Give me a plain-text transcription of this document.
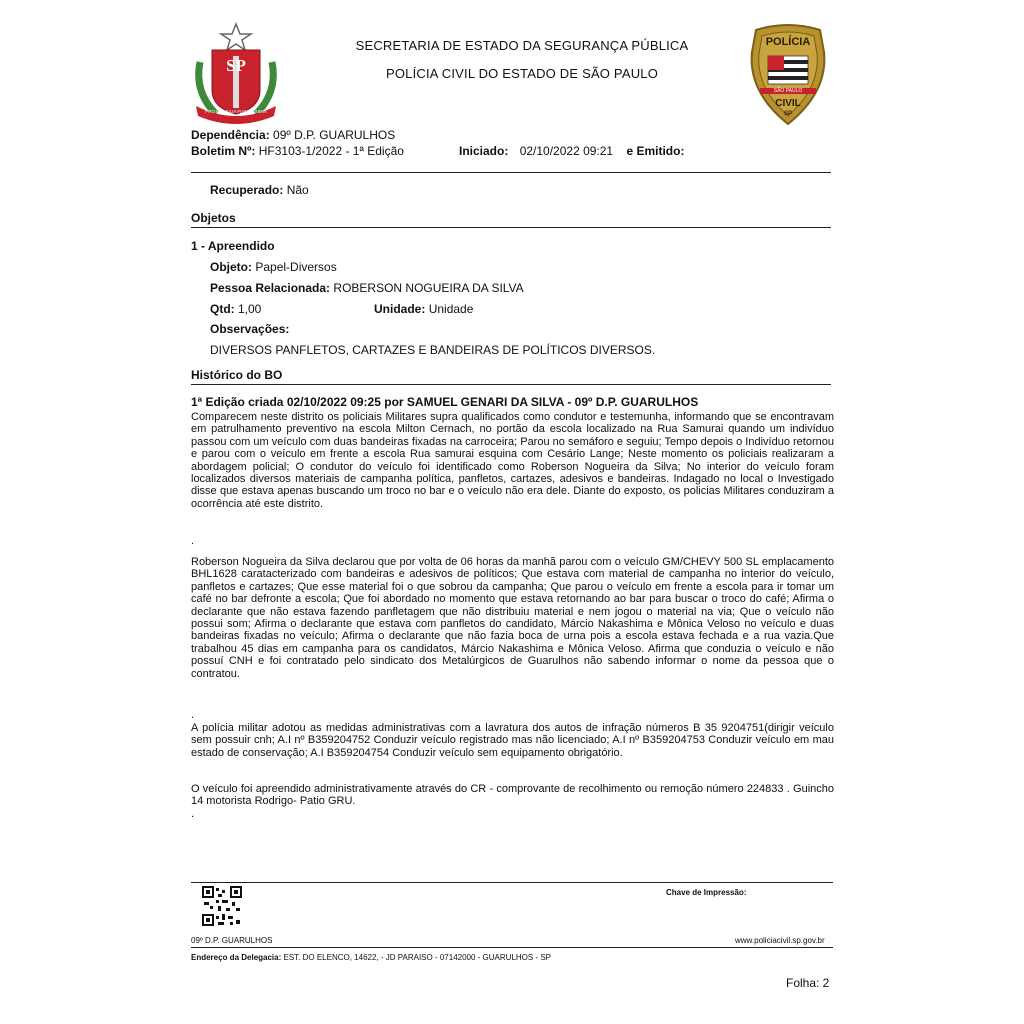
SP
PRO BRASILIA FIANT EXIMIA
SECRETARIA DE ESTADO DA SEGURANÇA PÚBLICA
POLÍCIA CIVIL DO ESTADO DE SÃO PAULO
POLÍCIA
SÃO PAULO
CIVIL
SP
Dependência: 09º D.P. GUARULHOS
Boletim Nº: HF3103-1/2022 - 1ª Edição	Iniciado: 02/10/2022 09:21 e Emitido:
Recuperado: Não
Objetos
1 - Apreendido
Objeto: Papel-Diversos
Pessoa Relacionada: ROBERSON NOGUEIRA DA SILVA
Qtd: 1,00	Unidade: Unidade
Observações:
DIVERSOS PANFLETOS, CARTAZES E BANDEIRAS DE POLÍTICOS DIVERSOS.
Histórico do BO
1ª Edição criada 02/10/2022 09:25 por SAMUEL GENARI DA SILVA - 09º D.P. GUARULHOS
Comparecem neste distrito os policiais Militares supra qualificados como condutor e testemunha, informando que se encontravam em patrulhamento preventivo na escola Milton Cernach, no portão da escola localizado na Rua Samurai quando um indivíduo passou com um veículo com duas bandeiras fixadas na carroceira; Parou no semáforo e seguiu; Tempo depois o Indivíduo retornou e parou com o veículo em frente a escola Rua samurai esquina com Cesário Lange; Neste momento os policiais realizaram a abordagem policial; O condutor do veículo foi identificado como Roberson Nogueira da Silva; No interior do veículo foram localizados diversos materiais de campanha política, panfletos, cartazes, adesivos e bandeiras. Indagado no local o Investigado disse que estava apenas buscando um troco no bar e o veículo não era dele. Diante do exposto, os policias Militares conduziram a ocorrência até este distrito.
.
Roberson Nogueira da Silva declarou que por volta de 06 horas da manhã parou com o veículo GM/CHEVY 500 SL emplacamento BHL1628 caratacterizado com bandeiras e adesivos de políticos; Que estava com material de campanha no interior do veículo, panfletos e cartazes; Que esse material foi o que sobrou da campanha; Que parou o veículo em frente a escola para ir tomar um café no bar defronte a escola; Que foi abordado no momento que estava retornando ao bar para buscar o troco do café; Afirma o declarante que não estava fazendo panfletagem que não distribuiu material e nem jogou o material na via; Que o veículo não possui som; Afirma o declarante que estava com panfletos do candidato, Márcio Nakashima e Mônica Veloso no veículo e duas bandeiras fixadas no veículo; Afirma o declarante que não fazia boca de urna pois a escola estava fechada e a rua vazia.Que trabalhou 45 dias em campanha para os candidatos, Márcio Nakashima e Mônica Veloso. Afirma que conduzia o veículo e não possuí CNH e foi contratado pelo sindicato dos Metalúrgicos de Guarulhos não sabendo informar o nome da pessoa que o contratou.
.
A polícia militar adotou as medidas administrativas com a lavratura dos autos de infração números B 35 9204751(dirigir veículo sem possuir cnh; A.I nº B359204752 Conduzir veículo registrado mas não licenciado; A.I nº B359204753 Conduzir veículo em mau estado de conservação; A.I B359204754 Conduzir veículo sem equipamento obrigatório.
O veículo foi apreendido administrativamente através do CR - comprovante de recolhimento ou remoção número 224833 . Guincho 14 motorista Rodrigo- Patio GRU.
.
Chave de Impressão:
09º D.P. GUARULHOS	www.policiacivil.sp.gov.br
Endereço da Delegacia: EST. DO ELENCO, 14622, - JD PARAISO - 07142000 - GUARULHOS - SP
Folha: 2
